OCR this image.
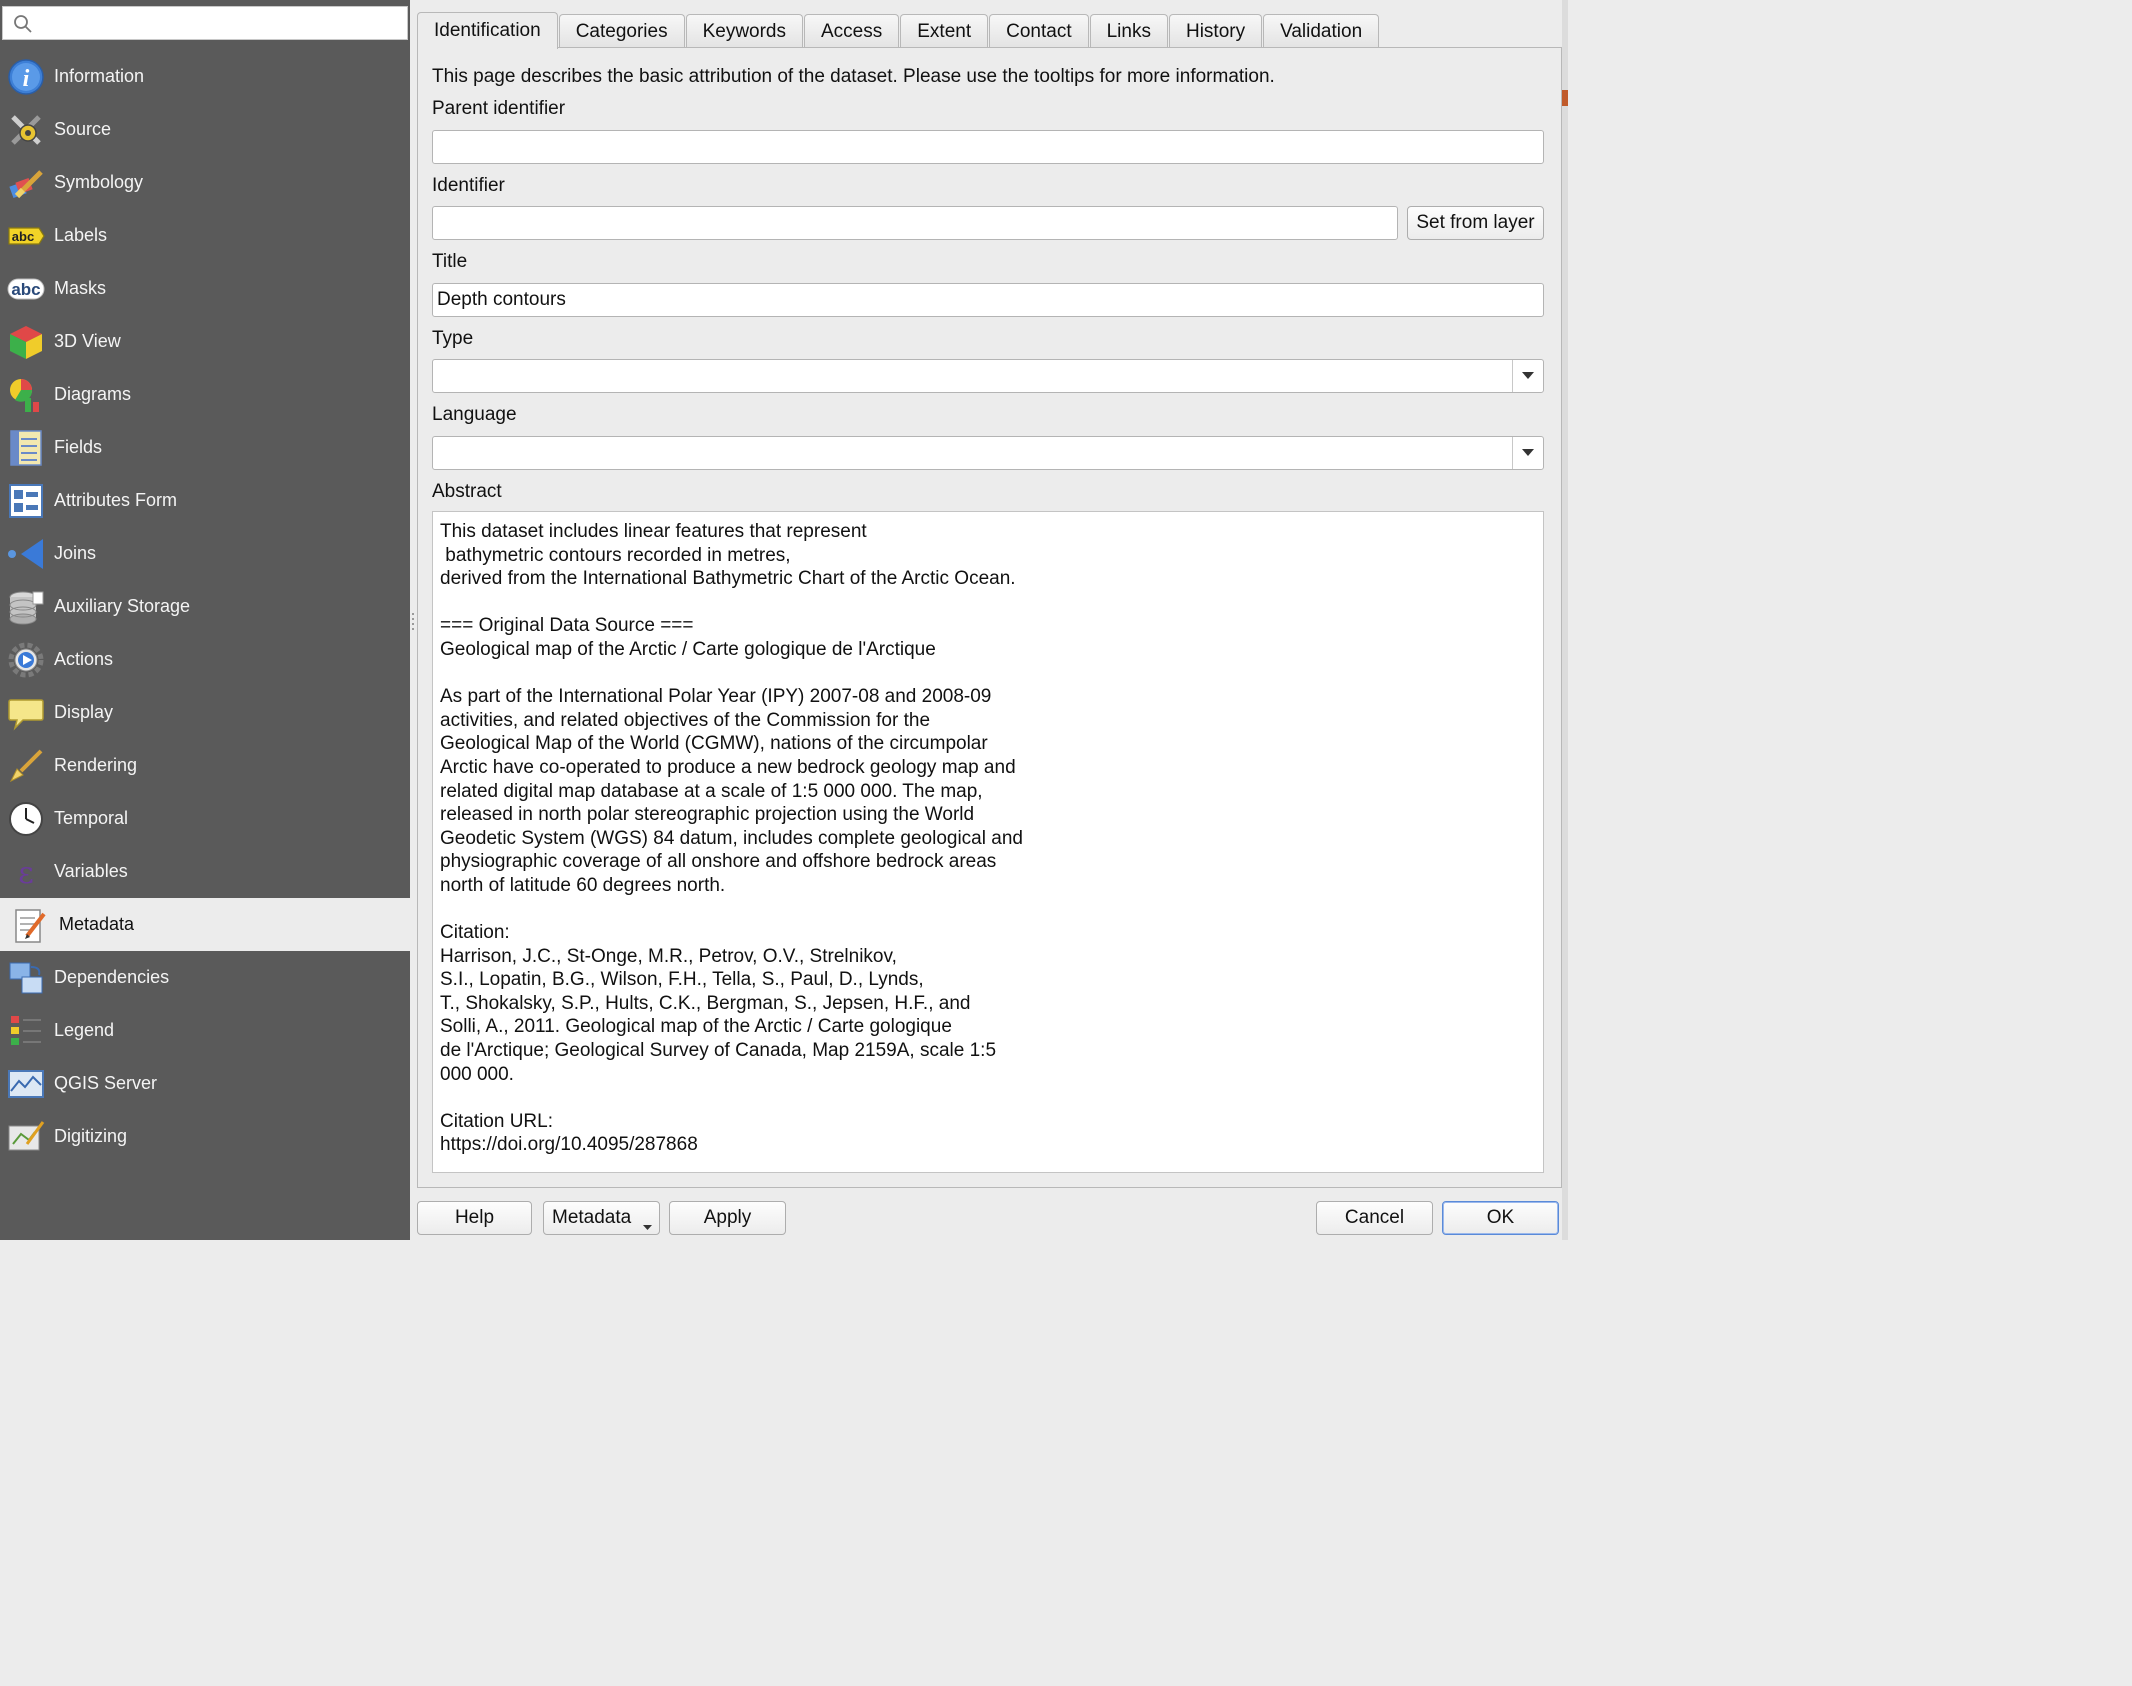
i Information
Source
Symbology
abc Labels
abc Masks
3D View
Diagrams
Fields
Attributes Form
Joins
Auxiliary Storage
Actions
Display
Rendering
Temporal
ε Variables
Metadata
Dependencies
Legend
QGIS Server
Digitizing
Identification	Categories	Keywords	Access	Extent	Contact	Links	History	Validation
This page describes the basic attribution of the dataset. Please use the tooltips for more information.
Parent identifier
Identifier
Set from layer
Title
Depth contours
Type
Language
Abstract
This dataset includes linear features that represent
bathymetric contours recorded in metres,
derived from the International Bathymetric Chart of the Arctic Ocean.

=== Original Data Source ===
Geological map of the Arctic / Carte gologique de l'Arctique

As part of the International Polar Year (IPY) 2007-08 and 2008-09
activities, and related objectives of the Commission for the
Geological Map of the World (CGMW), nations of the circumpolar
Arctic have co-operated to produce a new bedrock geology map and
related digital map database at a scale of 1:5 000 000. The map,
released in north polar stereographic projection using the World
Geodetic System (WGS) 84 datum, includes complete geological and
physiographic coverage of all onshore and offshore bedrock areas
north of latitude 60 degrees north.

Citation:
Harrison, J.C., St-Onge, M.R., Petrov, O.V., Strelnikov,
S.I., Lopatin, B.G., Wilson, F.H., Tella, S., Paul, D., Lynds,
T., Shokalsky, S.P., Hults, C.K., Bergman, S., Jepsen, H.F., and
Solli, A., 2011. Geological map of the Arctic / Carte gologique
de l'Arctique; Geological Survey of Canada, Map 2159A, scale 1:5
000 000.

Citation URL:
https://doi.org/10.4095/287868
Help	Metadata	Apply	Cancel	OK
